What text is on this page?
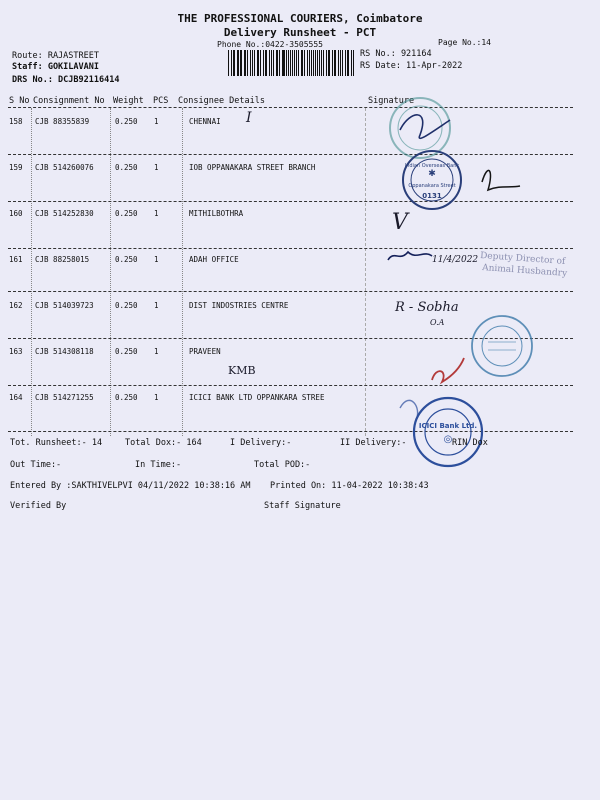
THE PROFESSIONAL COURIERS, Coimbatore
Delivery Runsheet - PCT
Phone No.:0422-3505555	Page No.:14
Route: RAJASTREET
Staff: GOKILAVANI
DRS No.: DCJB92116414
RS No.: 921164
RS Date: 11-Apr-2022
S No Consignment No Weight PCS Consignee Details	Signature
158 CJB 88355839	0.250 1	CHENNAI
159 CJB 514260076	0.250 1	IOB OPPANAKARA STREET BRANCH
160 CJB 514252830	0.250 1	MITHILBOTHRA
161 CJB 88258015	0.250 1	ADAH OFFICE
162 CJB 514039723	0.250 1	DIST INDOSTRIES CENTRE
163 CJB 514308118	0.250 1	PRAVEEN
164 CJB 514271255	0.250 1	ICICI BANK LTD OPPANKARA STREE
I
V
11/4/2022
R - Sobha
O.A
KMB
Indian Overseas Bank
✱
Oppanakara Street
0131
ICICI Bank Ltd.
◎
Deputy Director of
Animal Husbandry
Tot. Runsheet:- 14	Total Dox:- 164	I Delivery:-	II Delivery:-	RIN Dox
Out Time:-	In Time:-	Total POD:-
Entered By :SAKTHIVELPVI 04/11/2022 10:38:16 AM Printed On: 11-04-2022 10:38:43
Verified By	Staff Signature
